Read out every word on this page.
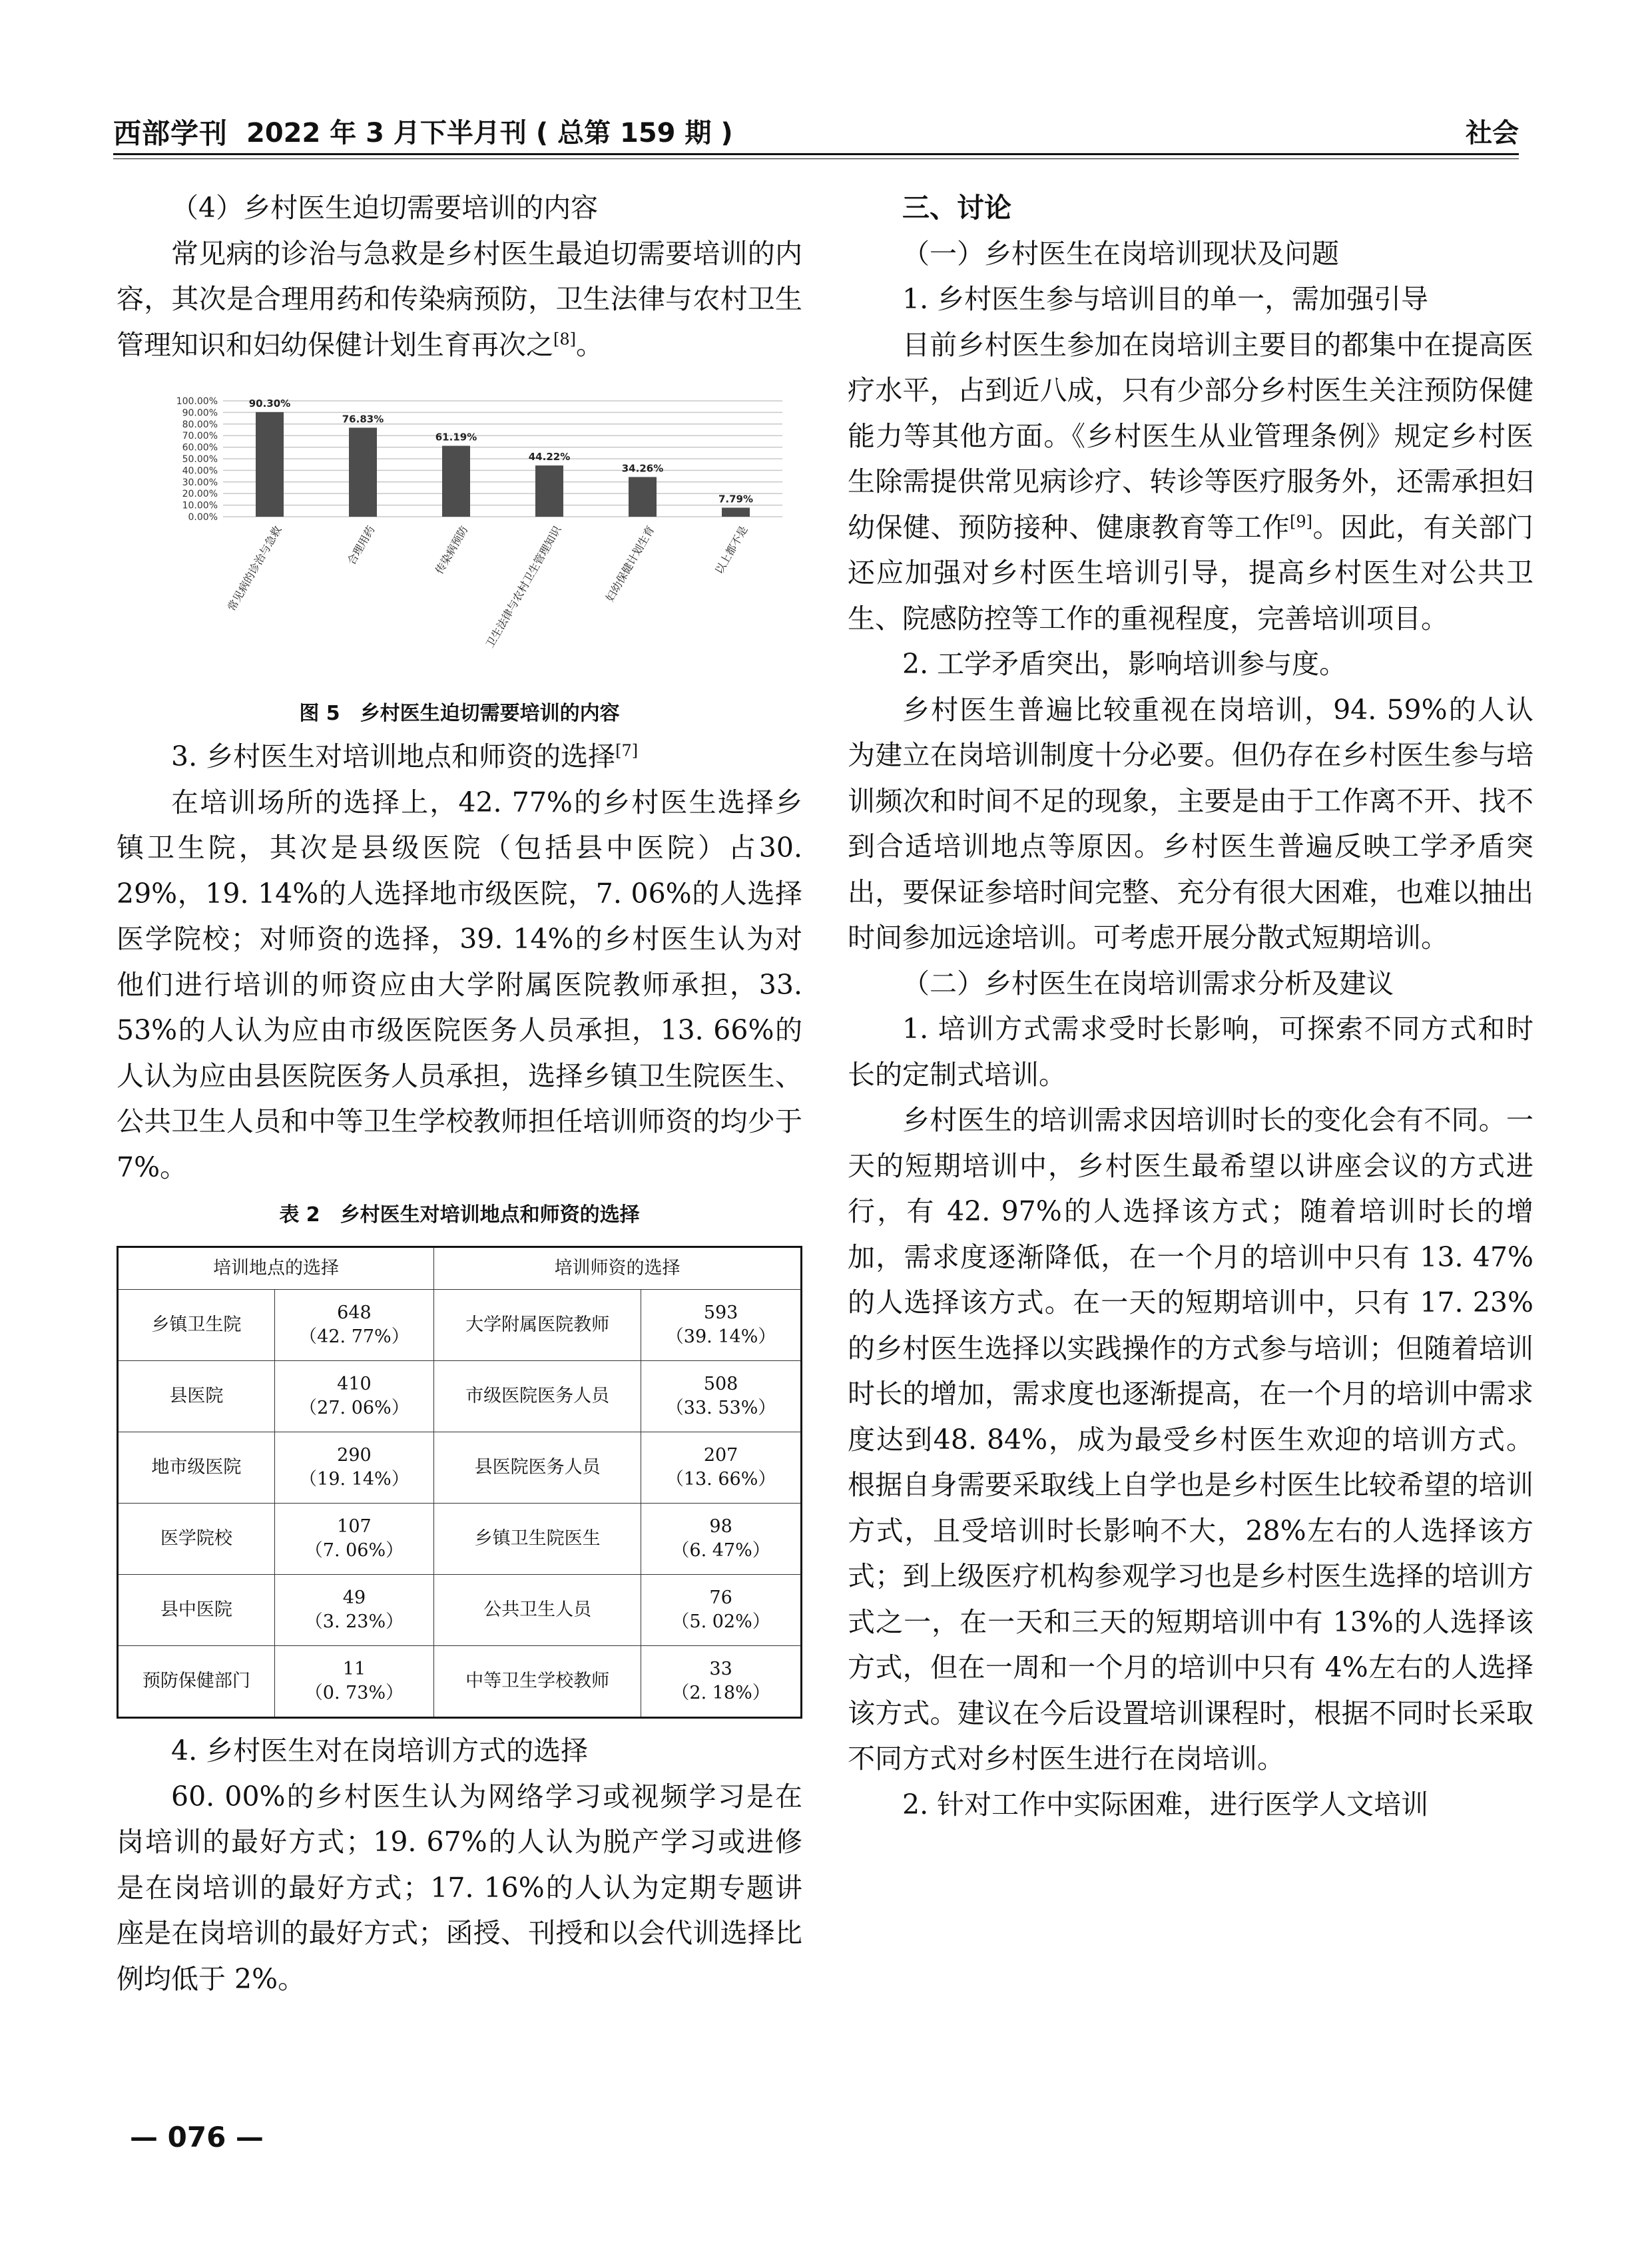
西部学刊 2022 年 3 月下半月刊 ( 总第 159 期 )	社会

（4）乡村医生迫切需要培训的内容

常见病的诊治与急救是乡村医生最迫切需要培训的内容，其次是合理用药和传染病预防，卫生法律与农村卫生管理知识和妇幼保健计划生育再次之[8]。

100.00%
90.00%
80.00%
70.00%
60.00%
50.00%
40.00%
30.00%
20.00%
10.00%
0.00%
90.30%
常见病的诊治与急救
76.83%
合理用药
61.19%
传染病预防
44.22%
卫生法律与农村卫生管理知识
34.26%
妇幼保健计划生育
7.79%
以上都不是
图 5　乡村医生迫切需要培训的内容

3. 乡村医生对培训地点和师资的选择[7]

在培训场所的选择上，42. 77%的乡村医生选择乡镇卫生院，其次是县级医院（包括县中医院）占30. 29%，19. 14%的人选择地市级医院，7. 06%的人选择医学院校；对师资的选择，39. 14%的乡村医生认为对他们进行培训的师资应由大学附属医院教师承担，33. 53%的人认为应由市级医院医务人员承担，13. 66%的人认为应由县医院医务人员承担，选择乡镇卫生院医生、公共卫生人员和中等卫生学校教师担任培训师资的均少于 7%。

表 2　乡村医生对培训地点和师资的选择
培训地点的选择		培训师资的选择	

乡镇卫生院	648
（42. 77%）	大学附属医院教师	593
（39. 14%）

县医院	410
（27. 06%）	市级医院医务人员	508
（33. 53%）

地市级医院	290
（19. 14%）	县医院医务人员	207
（13. 66%）

医学院校	107
（7. 06%）	乡镇卫生院医生	98
（6. 47%）

县中医院	49
（3. 23%）	公共卫生人员	76
（5. 02%）

预防保健部门	11
（0. 73%）	中等卫生学校教师	33
（2. 18%）

4. 乡村医生对在岗培训方式的选择

60. 00%的乡村医生认为网络学习或视频学习是在岗培训的最好方式；19. 67%的人认为脱产学习或进修是在岗培训的最好方式；17. 16%的人认为定期专题讲座是在岗培训的最好方式；函授、刊授和以会代训选择比例均低于 2%。

三、讨论

（一）乡村医生在岗培训现状及问题

1. 乡村医生参与培训目的单一，需加强引导

目前乡村医生参加在岗培训主要目的都集中在提高医疗水平，占到近八成，只有少部分乡村医生关注预防保健能力等其他方面。《乡村医生从业管理条例》规定乡村医生除需提供常见病诊疗、转诊等医疗服务外，还需承担妇幼保健、预防接种、健康教育等工作[9]。因此，有关部门还应加强对乡村医生培训引导，提高乡村医生对公共卫生、院感防控等工作的重视程度，完善培训项目。

2. 工学矛盾突出，影响培训参与度。

乡村医生普遍比较重视在岗培训，94. 59%的人认为建立在岗培训制度十分必要。但仍存在乡村医生参与培训频次和时间不足的现象，主要是由于工作离不开、找不到合适培训地点等原因。乡村医生普遍反映工学矛盾突出，要保证参培时间完整、充分有很大困难，也难以抽出时间参加远途培训。可考虑开展分散式短期培训。

（二）乡村医生在岗培训需求分析及建议

1. 培训方式需求受时长影响，可探索不同方式和时长的定制式培训。

乡村医生的培训需求因培训时长的变化会有不同。一天的短期培训中，乡村医生最希望以讲座会议的方式进行，有 42. 97%的人选择该方式；随着培训时长的增加，需求度逐渐降低，在一个月的培训中只有 13. 47%的人选择该方式。在一天的短期培训中，只有 17. 23%的乡村医生选择以实践操作的方式参与培训；但随着培训时长的增加，需求度也逐渐提高，在一个月的培训中需求度达到48. 84%，成为最受乡村医生欢迎的培训方式。根据自身需要采取线上自学也是乡村医生比较希望的培训方式，且受培训时长影响不大，28%左右的人选择该方式；到上级医疗机构参观学习也是乡村医生选择的培训方式之一，在一天和三天的短期培训中有 13%的人选择该方式，但在一周和一个月的培训中只有 4%左右的人选择该方式。建议在今后设置培训课程时，根据不同时长采取不同方式对乡村医生进行在岗培训。

2. 针对工作中实际困难，进行医学人文培训

— 076 —
